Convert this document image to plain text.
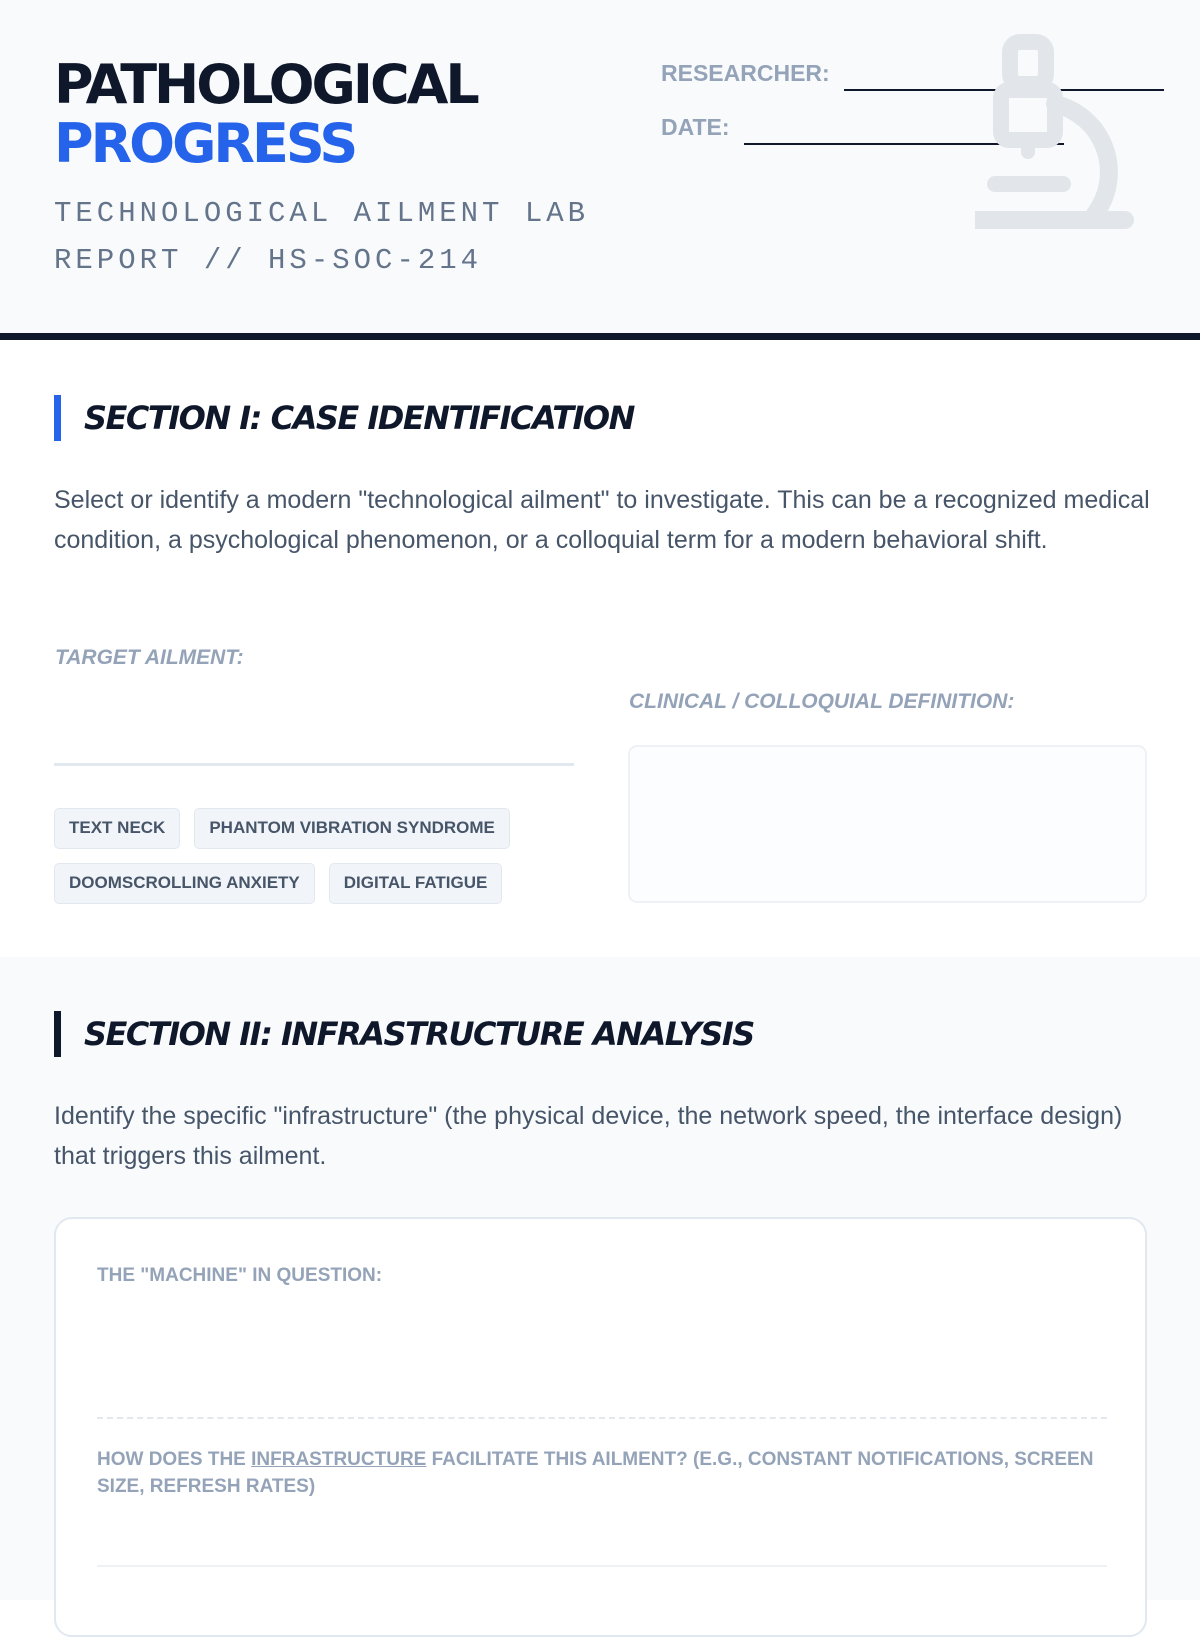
PATHOLOGICAL
PROGRESS
TECHNOLOGICAL AILMENT LAB REPORT // HS-SOC-214
RESEARCHER:
DATE:
SECTION I: CASE IDENTIFICATION
Select or identify a modern "technological ailment" to investigate. This can be a recognized medical condition, a psychological phenomenon, or a colloquial term for a modern behavioral shift.
TARGET AILMENT:
TEXT NECK	PHANTOM VIBRATION SYNDROME
DOOMSCROLLING ANXIETY	DIGITAL FATIGUE
CLINICAL / COLLOQUIAL DEFINITION:
SECTION II: INFRASTRUCTURE ANALYSIS
Identify the specific "infrastructure" (the physical device, the network speed, the interface design) that triggers this ailment.
THE "MACHINE" IN QUESTION:
HOW DOES THE INFRASTRUCTURE FACILITATE THIS AILMENT? (E.G., CONSTANT NOTIFICATIONS, SCREEN SIZE, REFRESH RATES)
